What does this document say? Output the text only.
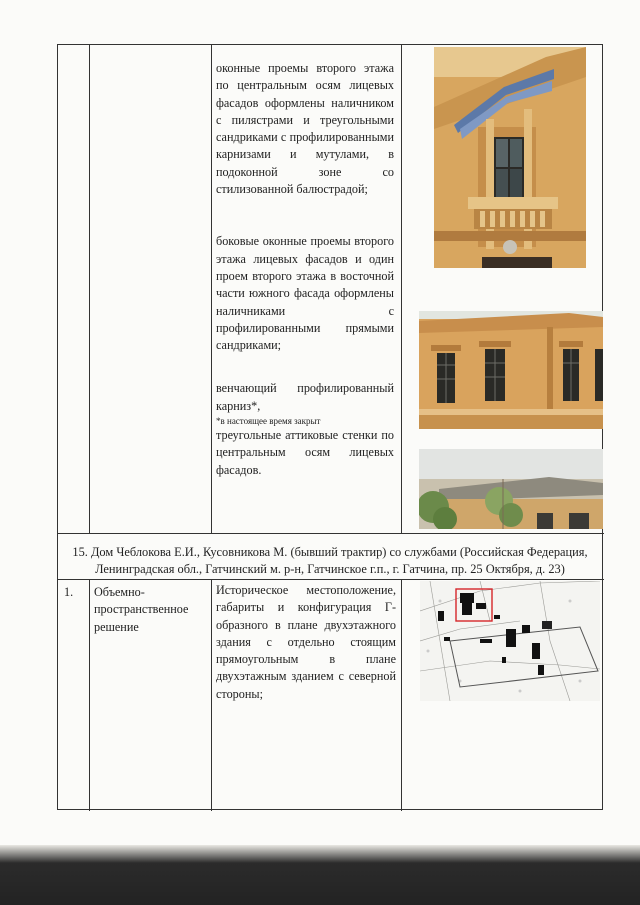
оконные проемы второго этажа по центральным осям лицевых фасадов оформлены наличником с пилястрами и треугольными сандриками с профилированными карнизами и мутулами, в подоконной зоне со стилизованной балюстрадой;

боковые оконные проемы второго этажа лицевых фасадов и один проем второго этажа в восточной части южного фасада оформлены наличниками с профилированными прямыми сандриками;

венчающий профилированный карниз*,

*в настоящее время закрыт

треугольные аттиковые стенки по центральным осям лицевых фасадов.

15. Дом Чеблокова Е.И., Кусовникова М. (бывший трактир) со службами (Российская Федерация, Ленинградская обл., Гатчинский м. р-н, Гатчинское г.п., г. Гатчина, пр. 25 Октября, д. 23)
1.	Объемно-пространственное решение
Историческое местоположение, габариты и конфигурация Г-образного в плане двухэтажного здания с отдельно стоящим прямоугольным в плане двухэтажным зданием с северной стороны;
